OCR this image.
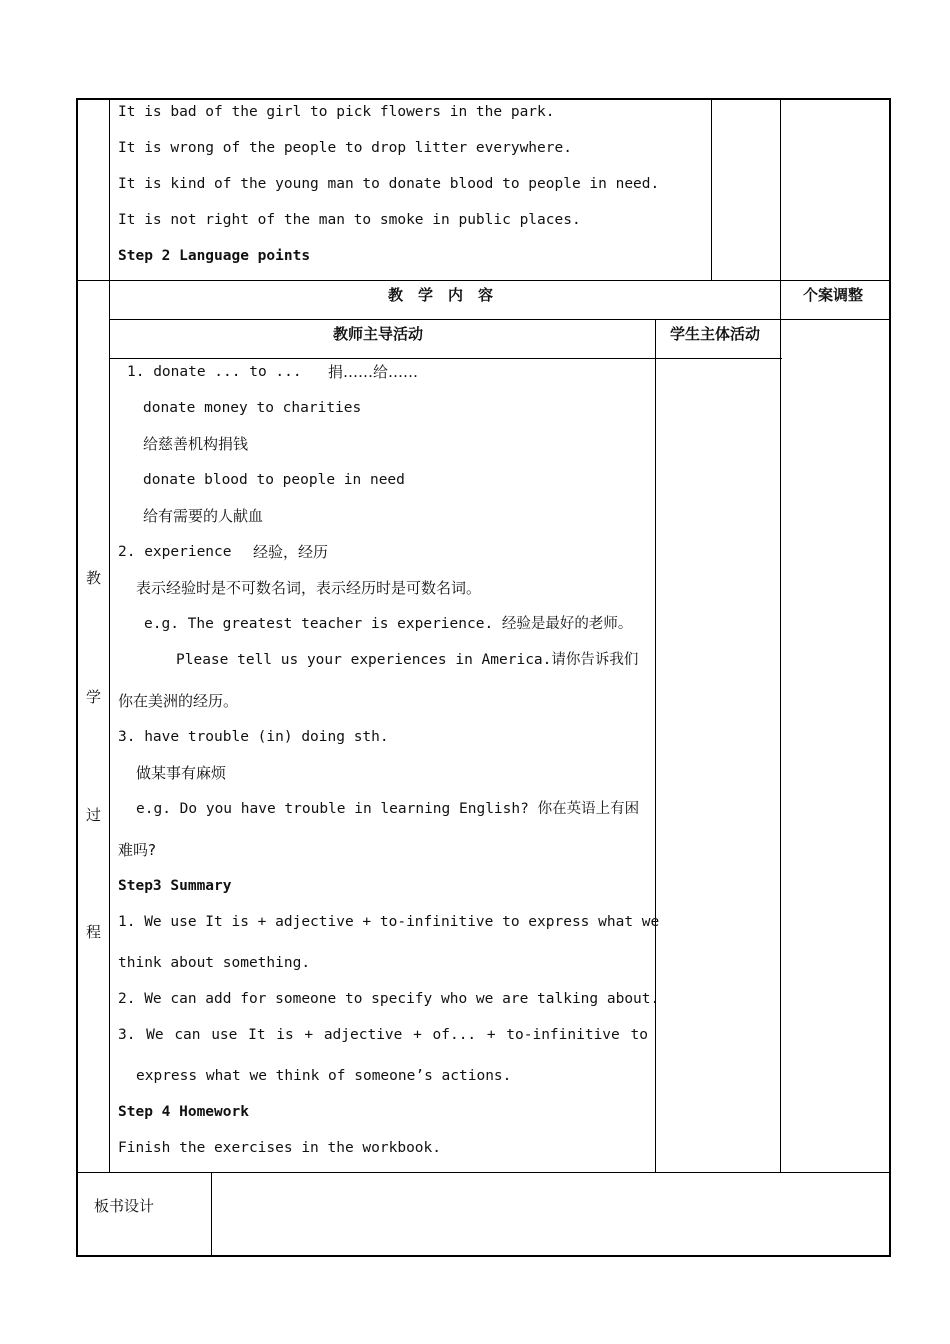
It is bad of the girl to pick flowers in the park.
It is wrong of the people to drop litter everywhere.
It is kind of the young man to donate blood to people in need.
It is not right of the man to smoke in public places.
Step 2 Language points
教　学　内　容	个案调整
教师主导活动	学生主体活动
教
学
过
程
1. donate ... to ... 捐……给……
donate money to charities
给慈善机构捐钱
donate blood to people in need
给有需要的人献血
2. experience 经验，经历
表示经验时是不可数名词，表示经历时是可数名词。
e.g. The greatest teacher is experience. 经验是最好的老师。
Please tell us your experiences in America.请你告诉我们
你在美洲的经历。
3. have trouble (in) doing sth.
做某事有麻烦
e.g. Do you have trouble in learning English? 你在英语上有困
难吗?
Step3 Summary
1. We use It is + adjective + to-infinitive to express what we
think about something.
2. We can add for someone to specify who we are talking about.
3. We can use It is + adjective + of... + to-infinitive to
express what we think of someone’s actions.
Step 4 Homework
Finish the exercises in the workbook.
板书设计
